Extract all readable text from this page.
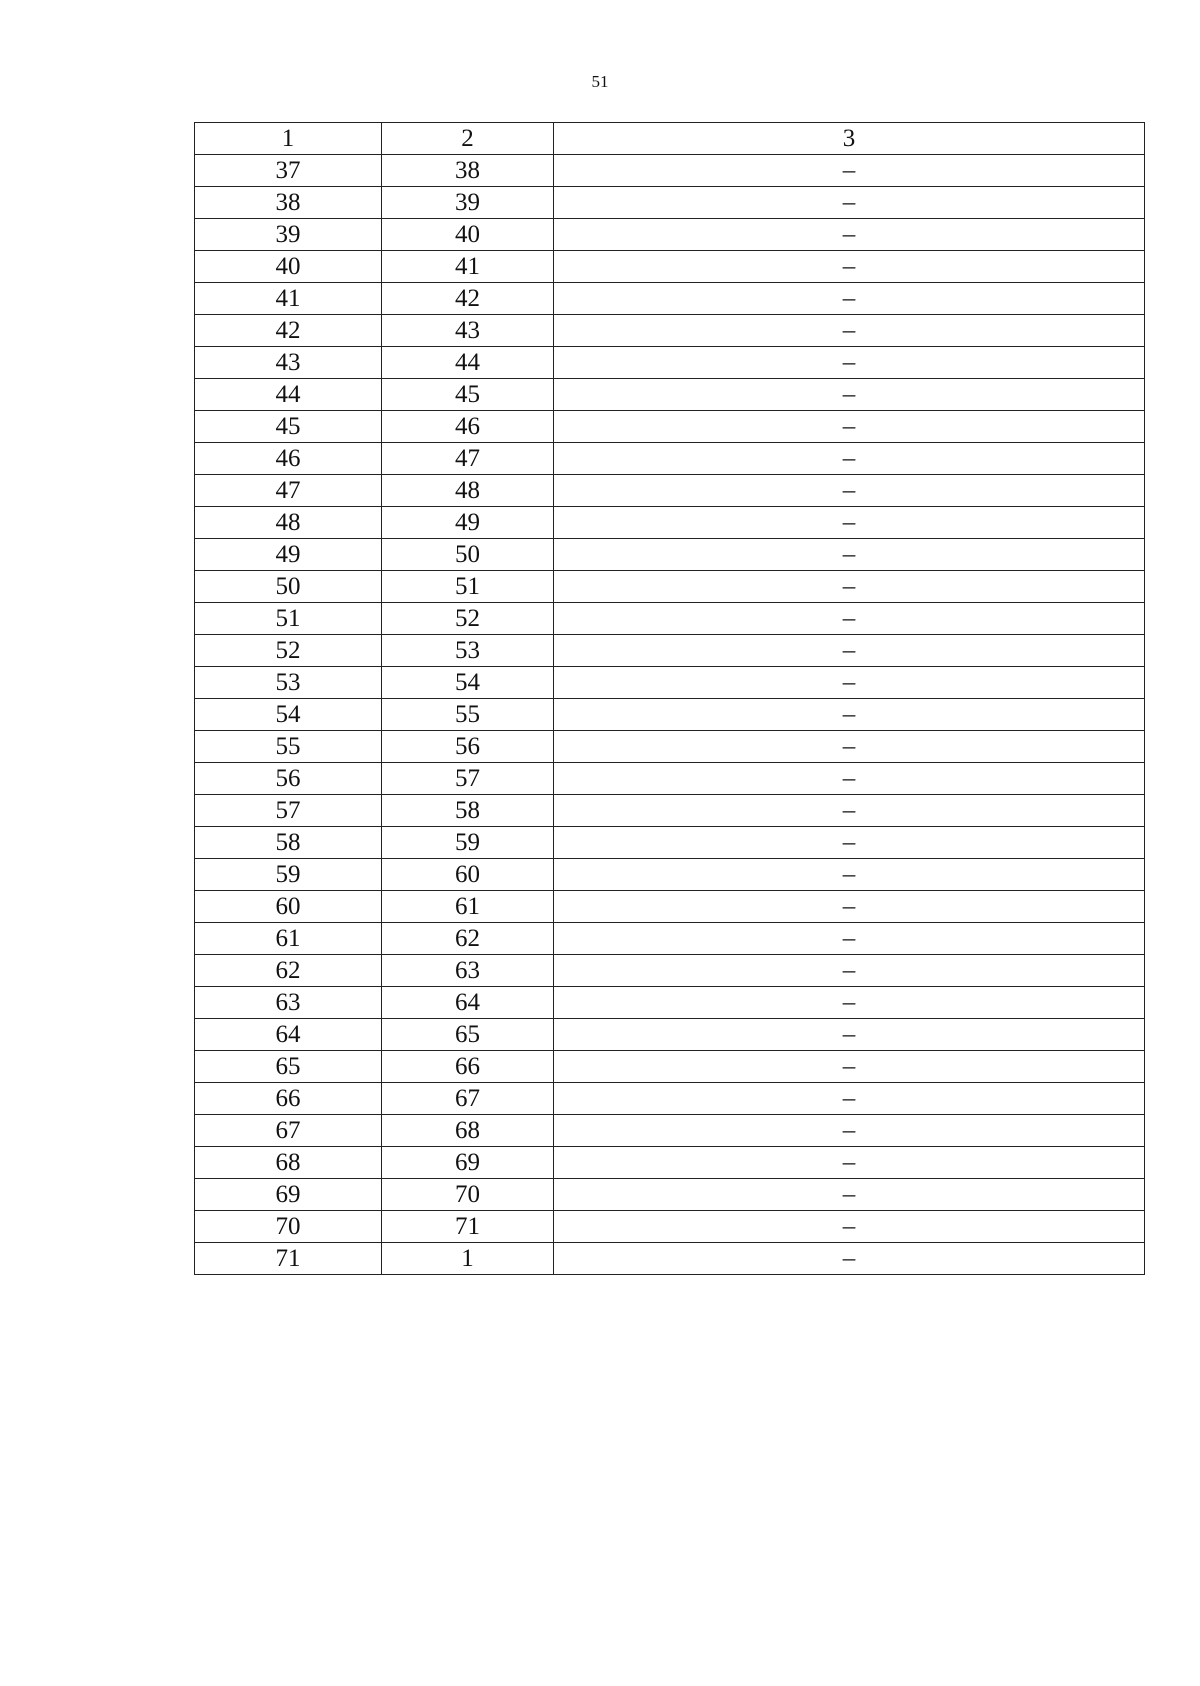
51
1	2	3
37	38	–
38	39	–
39	40	–
40	41	–
41	42	–
42	43	–
43	44	–
44	45	–
45	46	–
46	47	–
47	48	–
48	49	–
49	50	–
50	51	–
51	52	–
52	53	–
53	54	–
54	55	–
55	56	–
56	57	–
57	58	–
58	59	–
59	60	–
60	61	–
61	62	–
62	63	–
63	64	–
64	65	–
65	66	–
66	67	–
67	68	–
68	69	–
69	70	–
70	71	–
71	1	–
